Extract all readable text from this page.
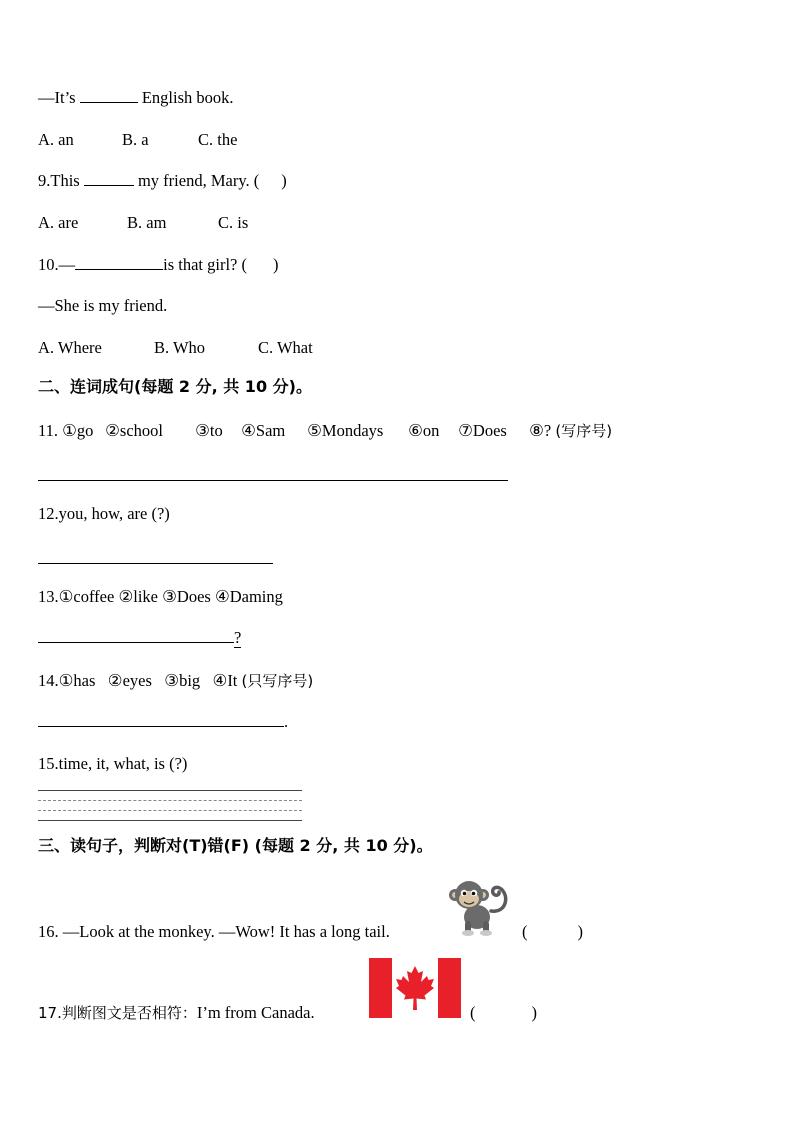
—It’s	English book.
A. an	B. a	C. the
9.This	my friend, Mary. ( )
A. are	B. am	C. is
10.—	is that girl? ( )
—She is my friend.
A. Where	B. Who	C. What
二、连词成句(每题 2 分, 共 10 分)。
11. ①go ②school ③to ④Sam ⑤Mondays ⑥on ⑦Does ⑧? (写序号)
12.you, how, are (?)
13.①coffee ②like ③Does ④Daming
?
14.①has   ②eyes   ③big   ④It (只写序号)
.
15.time, it, what, is (?)
三、读句子，判断对(T)错(F) (每题 2 分, 共 10 分)。
16. —Look at the monkey. —Wow! It has a long tail.	(	)
17.判断图文是否相符：I’m from Canada.	(	)
